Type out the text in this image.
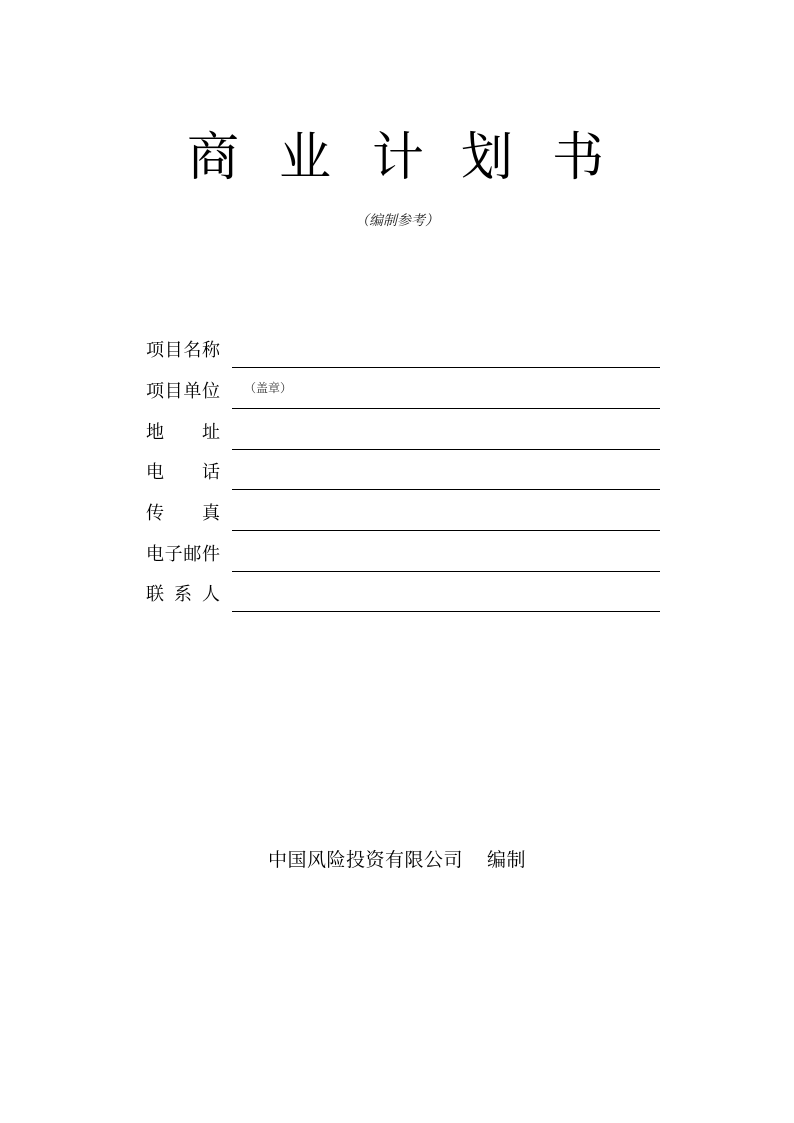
商 业 计 划 书
（编制参考）
项目名称
项目单位 （盖章）
地　　址
电　　话
传　　真
电子邮件
联 系 人
中国风险投资有限公司 编制
